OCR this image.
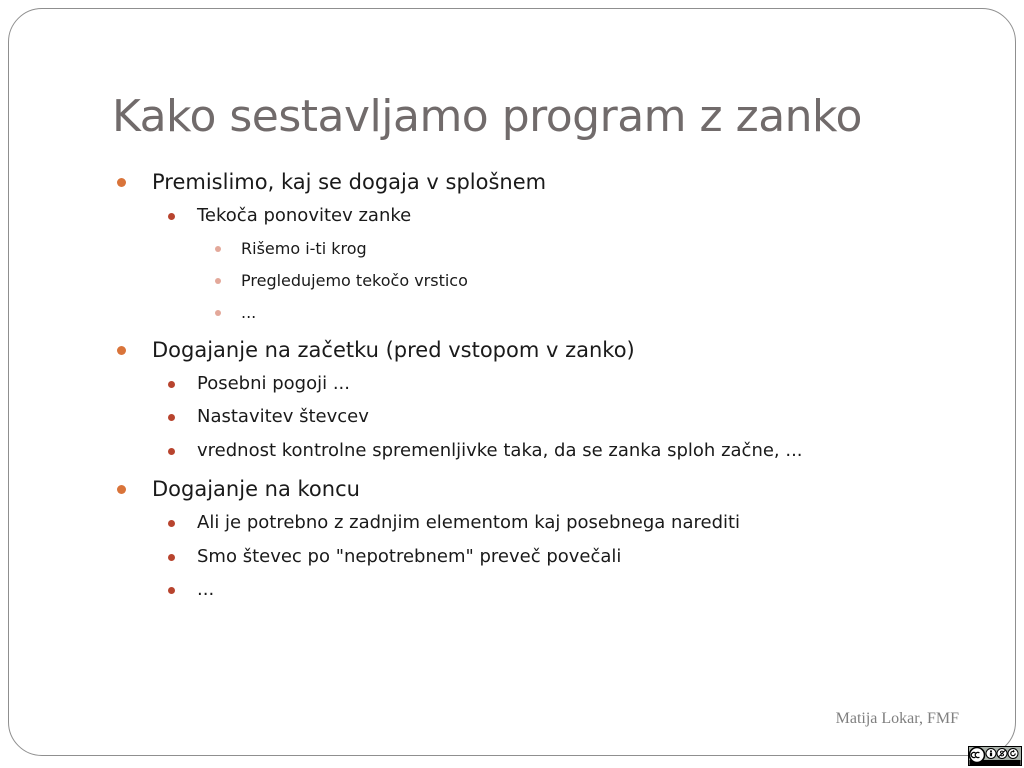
Kako sestavljamo program z zanko
Premislimo, kaj se dogaja v splošnem
Tekoča ponovitev zanke
Rišemo i-ti krog
Pregledujemo tekočo vrstico
...
Dogajanje na začetku (pred vstopom v zanko)
Posebni pogoji ...
Nastavitev števcev
vrednost kontrolne spremenljivke taka, da se zanka sploh začne, ...
Dogajanje na koncu
Ali je potrebno z zadnjim elementom kaj posebnega narediti
Smo števec po "nepotrebnem" preveč povečali
...
Matija Lokar, FMF
